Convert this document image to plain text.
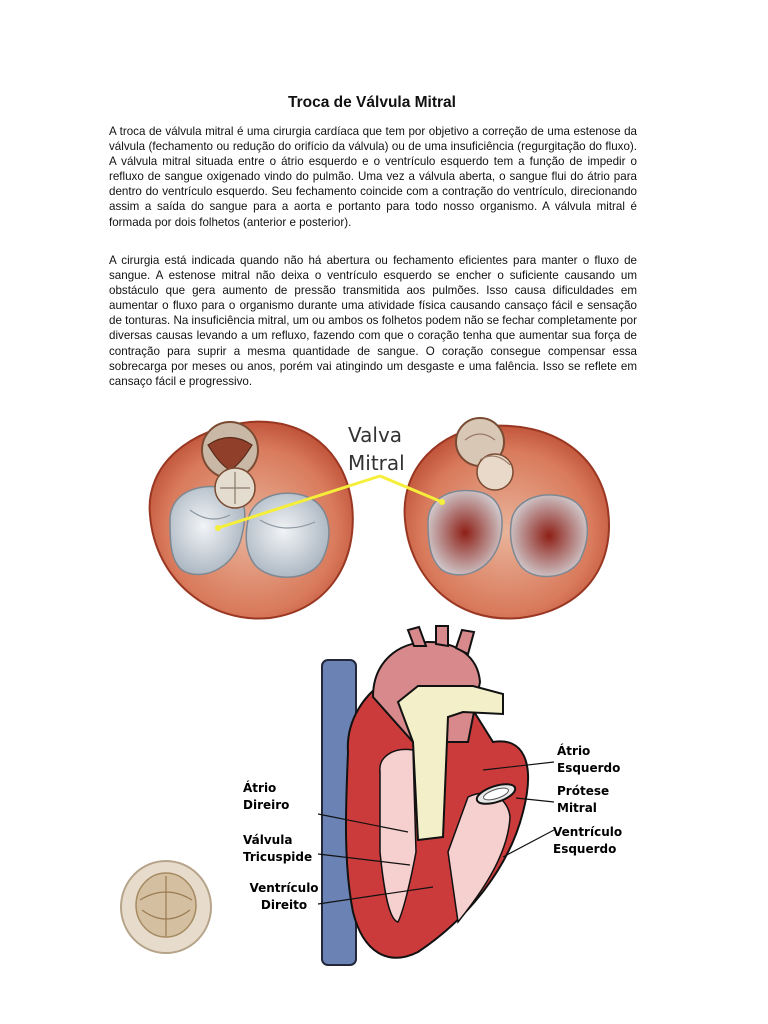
Troca de Válvula Mitral
A troca de válvula mitral é uma cirurgia cardíaca que tem por objetivo a correção de uma estenose da válvula (fechamento ou redução do orifício da válvula) ou de uma insuficiência (regurgitação do fluxo). A válvula mitral situada entre o átrio esquerdo e o ventrículo esquerdo tem a função de impedir o refluxo de sangue oxigenado vindo do pulmão. Uma vez a válvula aberta, o sangue flui do átrio para dentro do ventrículo esquerdo. Seu fechamento coincide com a contração do ventrículo, direcionando assim a saída do sangue para a aorta e portanto para todo nosso organismo. A válvula mitral é formada por dois folhetos (anterior e posterior).
A cirurgia está indicada quando não há abertura ou fechamento eficientes para manter o fluxo de sangue. A estenose mitral não deixa o ventrículo esquerdo se encher o suficiente causando um obstáculo que gera aumento de pressão transmitida aos pulmões. Isso causa dificuldades em aumentar o fluxo para o organismo durante uma atividade física causando cansaço fácil e sensação de tonturas. Na insuficiência mitral, um ou ambos os folhetos podem não se fechar completamente por diversas causas levando a um refluxo, fazendo com que o coração tenha que aumentar sua força de contração para suprir a mesma quantidade de sangue. O coração consegue compensar essa sobrecarga por meses ou anos, porém vai atingindo um desgaste e uma falência. Isso se reflete em cansaço fácil e progressivo.
Valva
Mitral
Átrio
Esquerdo
Prótese
Mitral
Ventrículo
Esquerdo
Átrio
Direiro
Válvula
Tricuspide
Ventrículo
Direito
